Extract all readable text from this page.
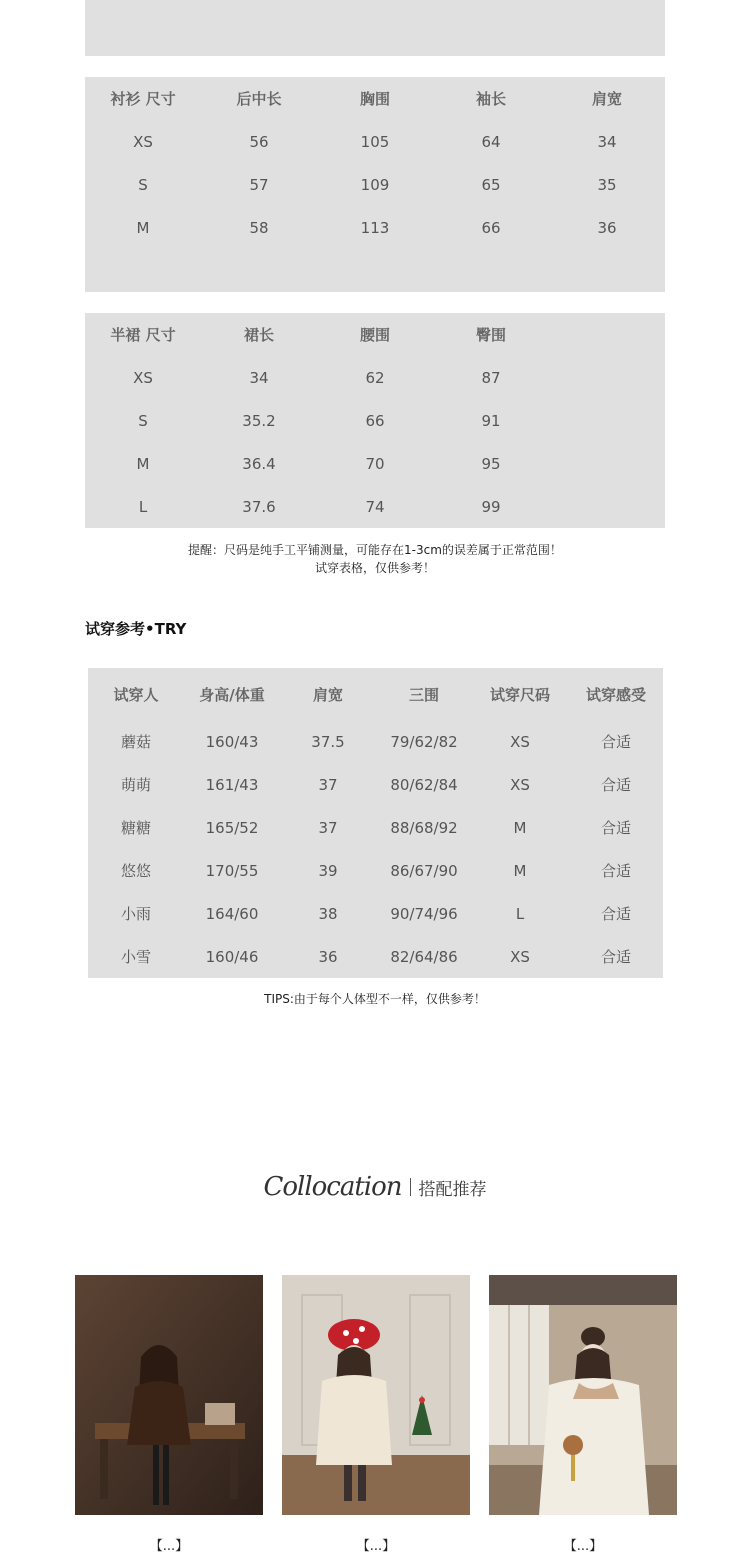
衬衫 尺寸	后中长	胸围	袖长	肩宽
XS	56	105	64	34
S	57	109	65	35
M	58	113	66	36
半裙 尺寸	裙长	腰围	臀围
XS	34	62	87
S	35.2	66	91
M	36.4	70	95
L	37.6	74	99
提醒：尺码是纯手工平铺测量，可能存在1-3cm的误差属于正常范围！
试穿表格，仅供参考！
试穿参考•TRY
试穿人	身高/体重	肩宽	三围	试穿尺码	试穿感受
蘑菇	160/43	37.5	79/62/82	XS	合适
萌萌	161/43	37	80/62/84	XS	合适
糖糖	165/52	37	88/68/92	M	合适
悠悠	170/55	39	86/67/90	M	合适
小雨	164/60	38	90/74/96	L	合适
小雪	160/46	36	82/64/86	XS	合适
TIPS:由于每个人体型不一样，仅供参考！
Collocation 搭配推荐
【...】	【...】	【...】
